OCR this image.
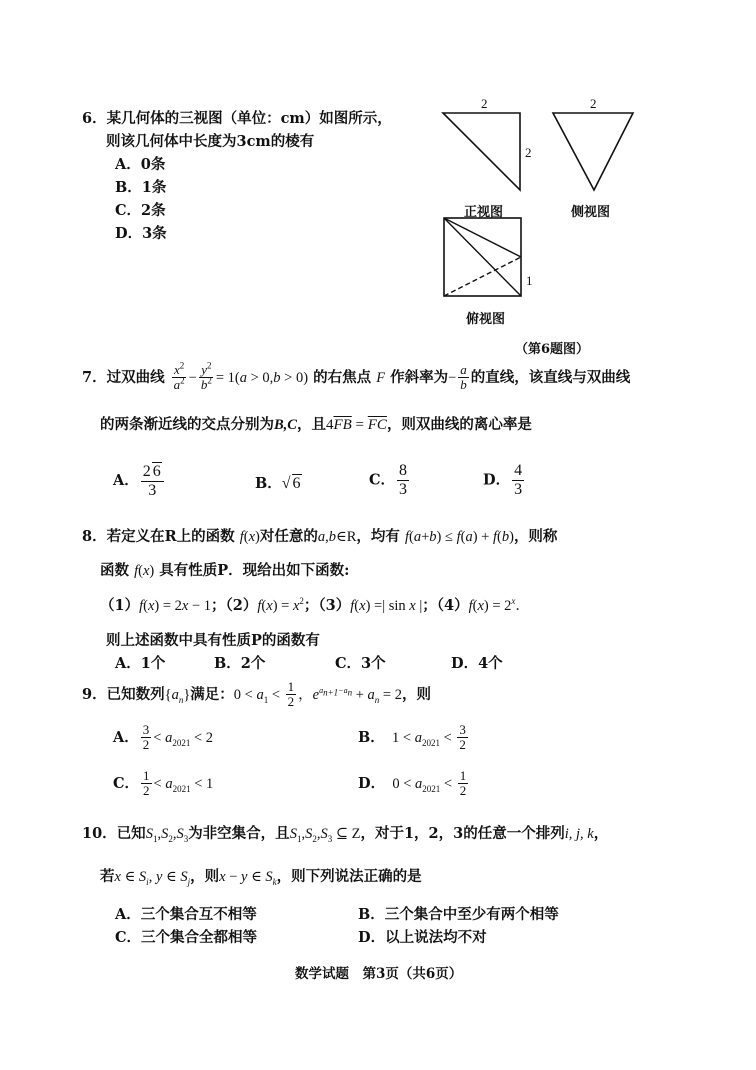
6．某几何体的三视图（单位：cm）如图所示，
则该几何体中长度为3cm的棱有
A．0条
B．1条
C．2条
D．3条
2
2
2
1
正视图	侧视图
俯视图
（第6题图）
7．过双曲线 $\frac{x^2}{a^2} - \frac{y^2}{b^2} = 1(a > 0,b > 0)$ 的右焦点 F 作斜率为− $\frac{a}{b}$ 的直线，该直线与双曲线
的两条渐近线的交点分别为B,C，且$4\overline{FB} = \overline{FC}$，则双曲线的离心率是
A． $\frac{2 6}{3}$	B．√ 6	C． $\frac{8}{3}$	D． $\frac{4}{3}$
8．若定义在R上的函数 f(x)对任意的a,b∈R，均有 f(a+b) ≤ f(a) + f(b)，则称
函数 f(x) 具有性质P．现给出如下函数:
（1）f(x) = 2x − 1；$(2)f(x) = x^2$；（3）f(x) =| sin x |；$(4)f(x) = 2^x$．
则上述函数中具有性质P的函数有
A．1个	B．2个	C．3个	D．4个
9．已知数列$\{a_n\}$满足：$0 < a_1 < \frac{1}{2}$ ，$e^{a_{n+1}-a_n} + a_n = 2$，则
A． $\frac{3}{2} < a_{2021} < 2$	B．　$1 < a_{2021} < \frac{3}{2}$
C． $\frac{1}{2} < a_{2021} < 1$	D．　$0 < a_{2021} < \frac{1}{2}$
10．已知$S_1,S_2,S_3$为非空集合，且$S_1,S_2,S_3$ ⊆ Z，对于1，2，3的任意一个排列i, j, k，
若x ∈ $S_i$, y ∈ $S_j$，则x − y ∈ $S_k$，则下列说法正确的是
A．三个集合互不相等	B．三个集合中至少有两个相等
C．三个集合全都相等	D．以上说法均不对
数学试题　第3页（共6页）
